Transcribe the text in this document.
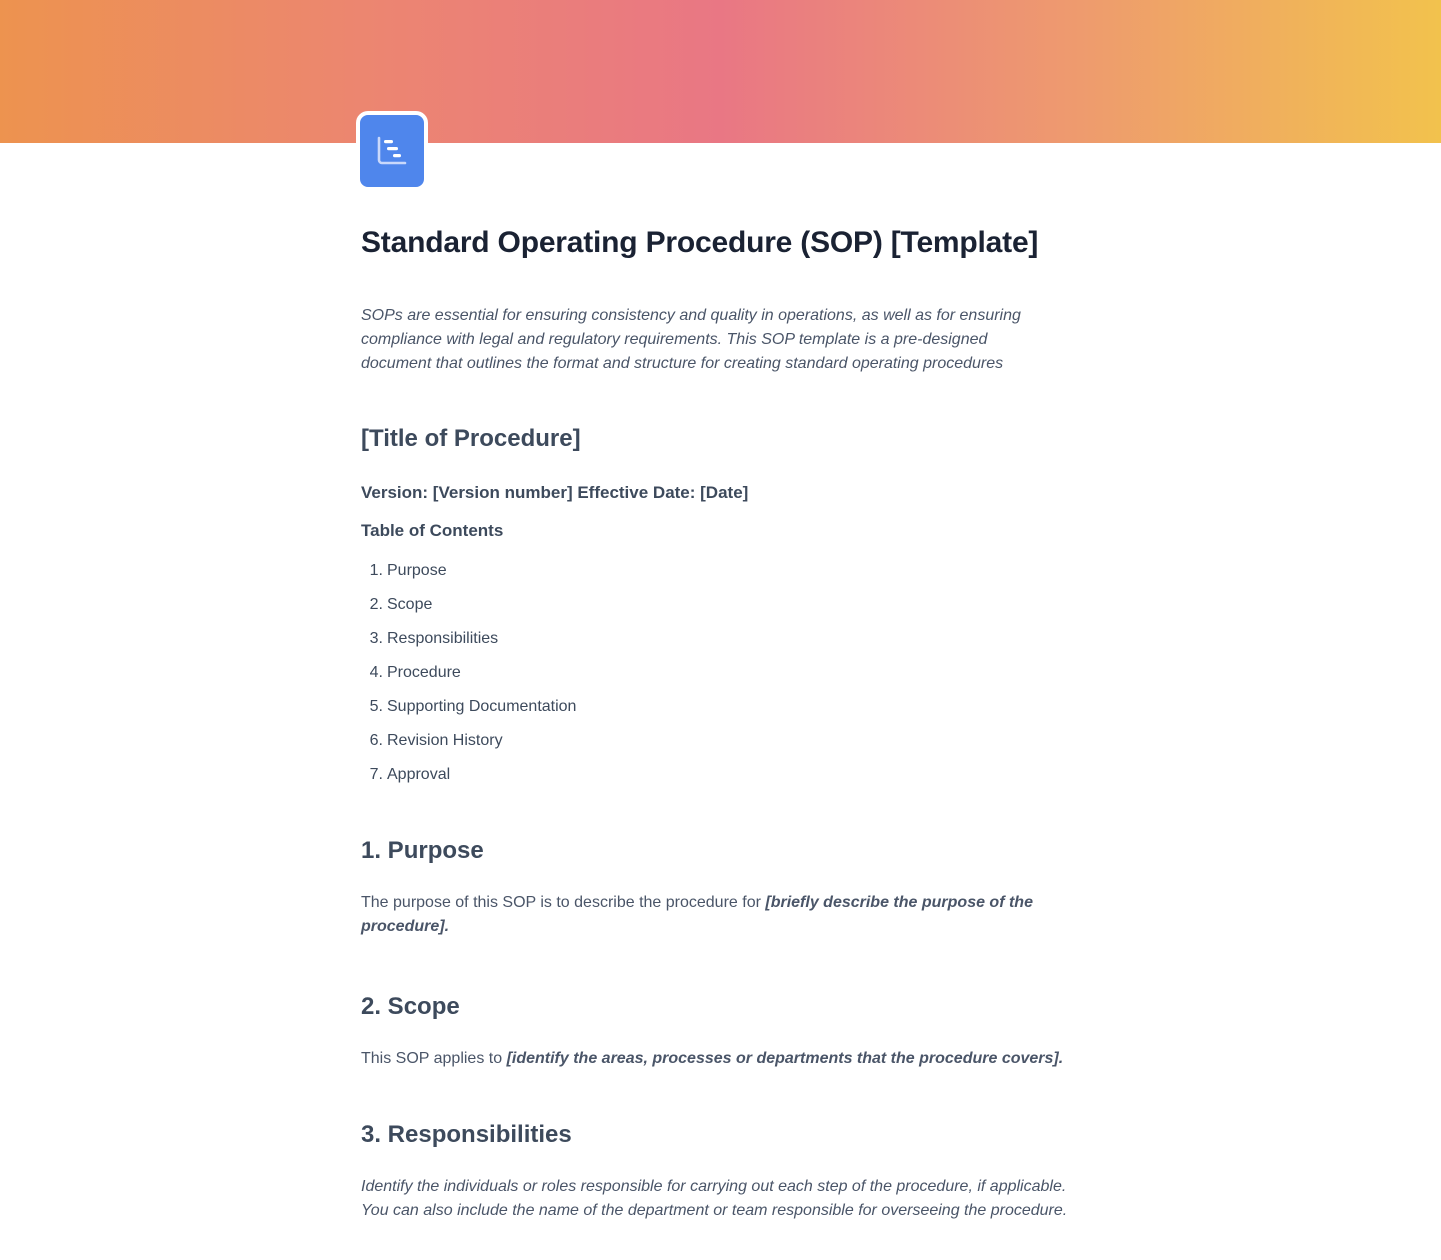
Standard Operating Procedure (SOP) [Template]

SOPs are essential for ensuring consistency and quality in operations, as well as for ensuring compliance with legal and regulatory requirements. This SOP template is a pre-designed document that outlines the format and structure for creating standard operating procedures

[Title of Procedure]
Version: [Version number] Effective Date: [Date]
Table of Contents
1. Purpose
2. Scope
3. Responsibilities
4. Procedure
5. Supporting Documentation
6. Revision History
7. Approval
1. Purpose

The purpose of this SOP is to describe the procedure for [briefly describe the purpose of the procedure].

2. Scope

This SOP applies to [identify the areas, processes or departments that the procedure covers].

3. Responsibilities

Identify the individuals or roles responsible for carrying out each step of the procedure, if applicable. You can also include the name of the department or team responsible for overseeing the procedure.
